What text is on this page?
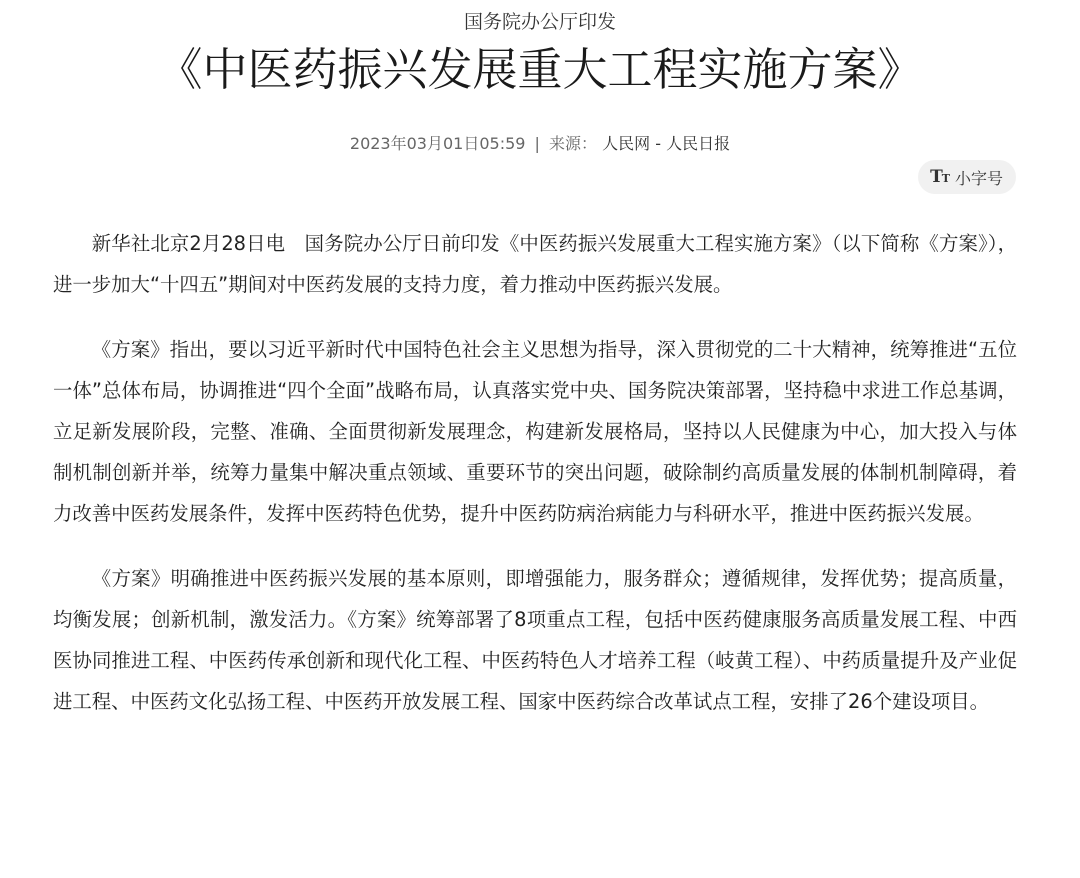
国务院办公厅印发
《中医药振兴发展重大工程实施方案》
2023年03月01日05:59 | 来源： 人民网 - 人民日报
TT 小字号

新华社北京2月28日电　国务院办公厅日前印发《中医药振兴发展重大工程实施方案》（以下简称《方案》），进一步加大“十四五”期间对中医药发展的支持力度，着力推动中医药振兴发展。

《方案》指出，要以习近平新时代中国特色社会主义思想为指导，深入贯彻党的二十大精神，统筹推进“五位一体”总体布局，协调推进“四个全面”战略布局，认真落实党中央、国务院决策部署，坚持稳中求进工作总基调，立足新发展阶段，完整、准确、全面贯彻新发展理念，构建新发展格局，坚持以人民健康为中心，加大投入与体制机制创新并举，统筹力量集中解决重点领域、重要环节的突出问题，破除制约高质量发展的体制机制障碍，着力改善中医药发展条件，发挥中医药特色优势，提升中医药防病治病能力与科研水平，推进中医药振兴发展。

《方案》明确推进中医药振兴发展的基本原则，即增强能力，服务群众；遵循规律，发挥优势；提高质量，均衡发展；创新机制，激发活力。《方案》统筹部署了8项重点工程，包括中医药健康服务高质量发展工程、中西医协同推进工程、中医药传承创新和现代化工程、中医药特色人才培养工程（岐黄工程）、中药质量提升及产业促进工程、中医药文化弘扬工程、中医药开放发展工程、国家中医药综合改革试点工程，安排了26个建设项目。
